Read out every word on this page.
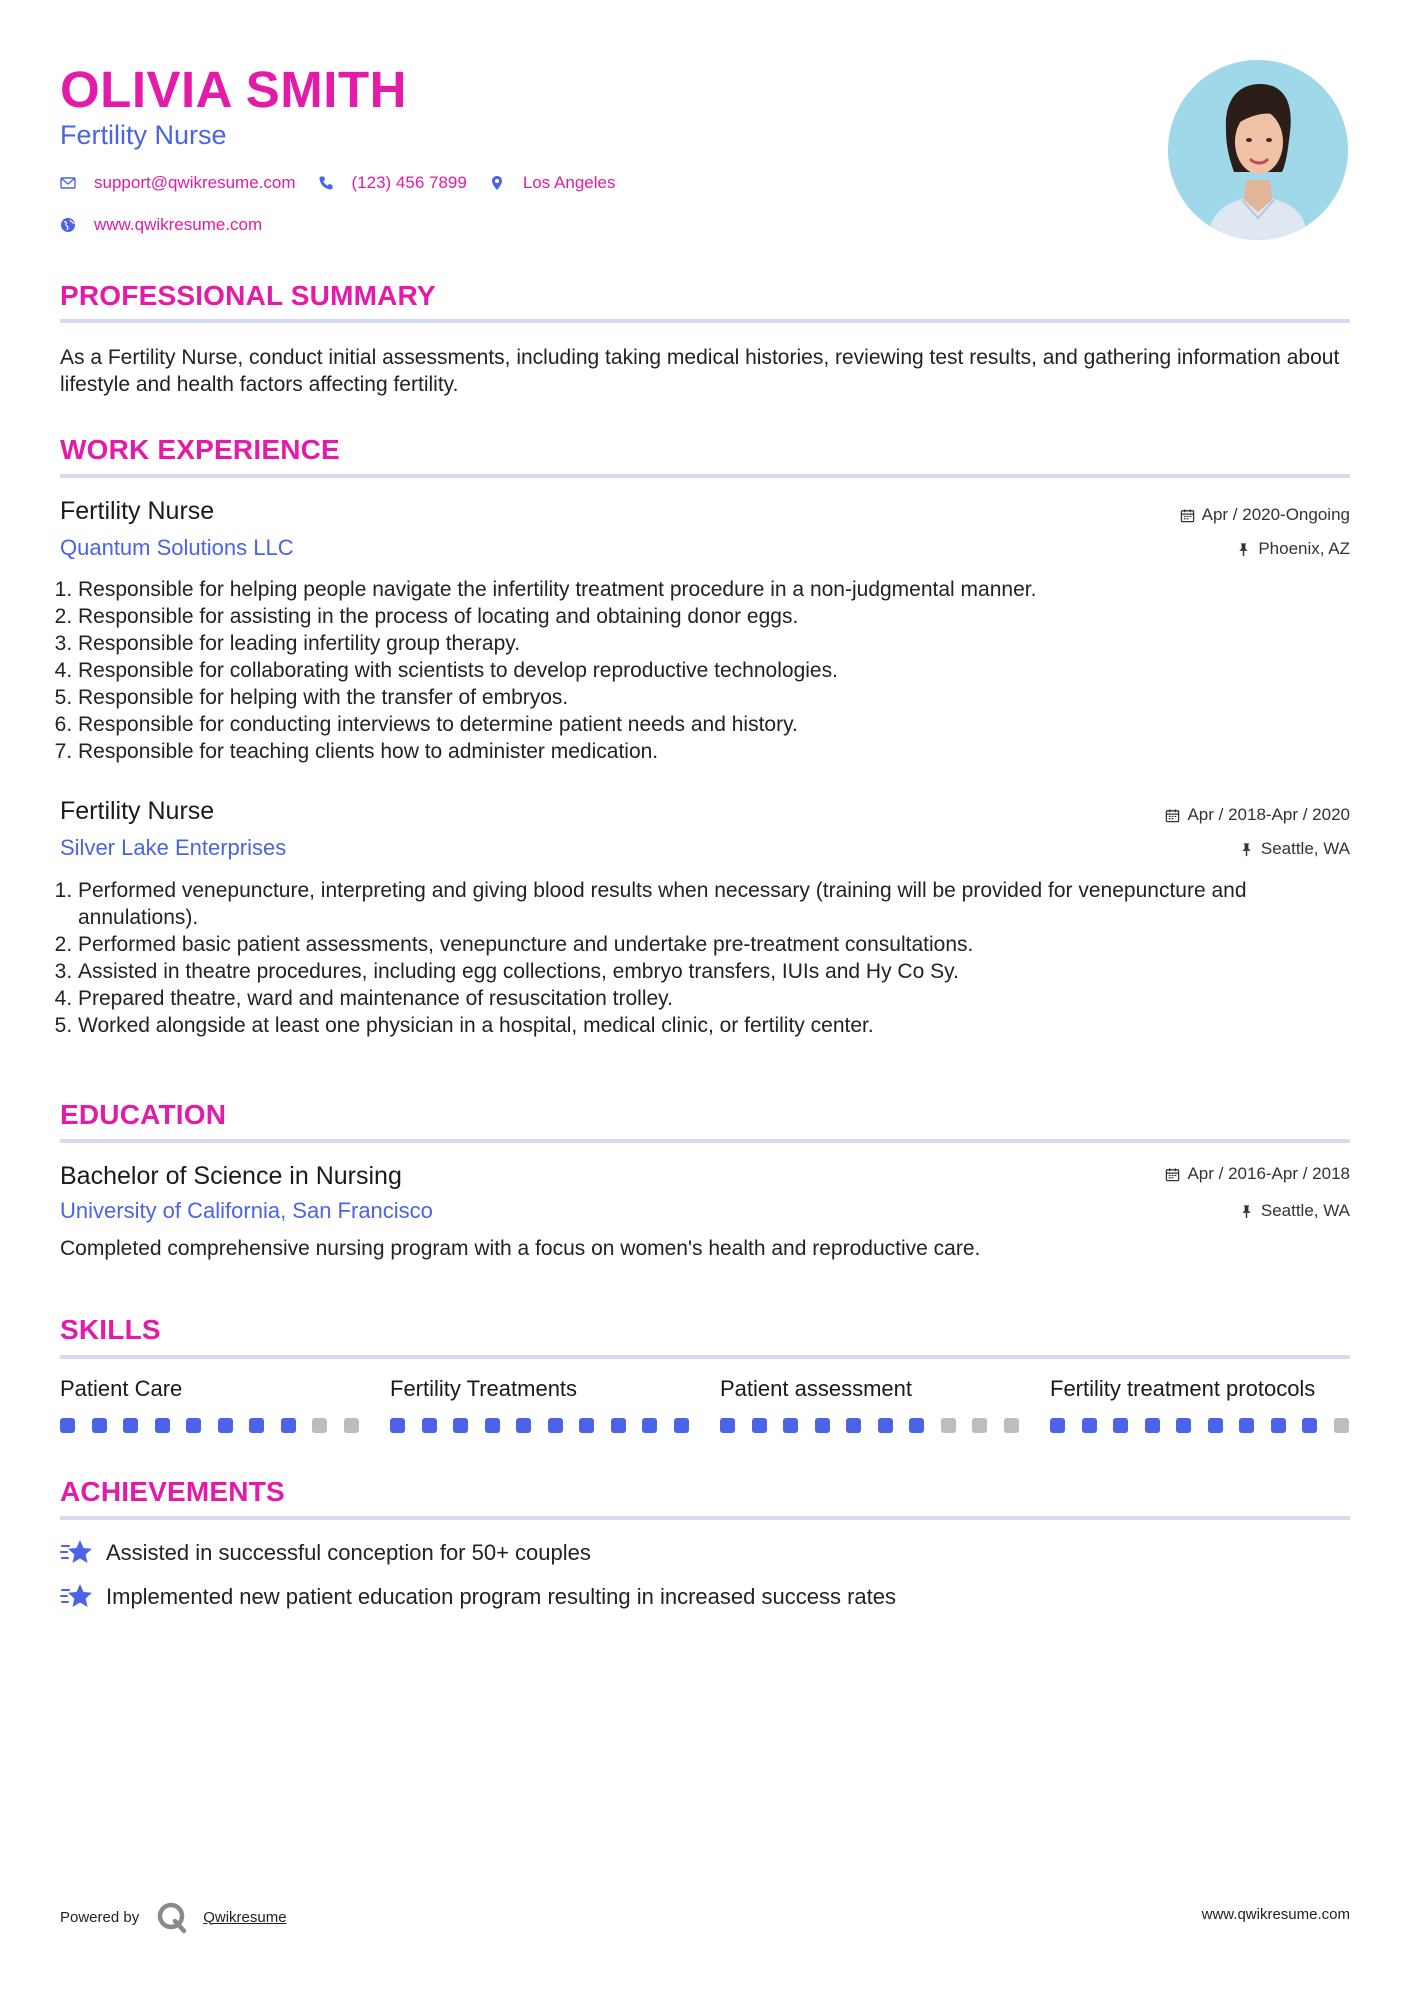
OLIVIA SMITH
Fertility Nurse
support@qwikresume.com	(123) 456 7899	Los Angeles
www.qwikresume.com
PROFESSIONAL SUMMARY
As a Fertility Nurse, conduct initial assessments, including taking medical histories, reviewing test results, and gathering information about lifestyle and health factors affecting fertility.
WORK EXPERIENCE
Fertility Nurse	Apr / 2020-Ongoing
Quantum Solutions LLC	Phoenix, AZ
1. Responsible for helping people navigate the infertility treatment procedure in a non-judgmental manner.
2. Responsible for assisting in the process of locating and obtaining donor eggs.
3. Responsible for leading infertility group therapy.
4. Responsible for collaborating with scientists to develop reproductive technologies.
5. Responsible for helping with the transfer of embryos.
6. Responsible for conducting interviews to determine patient needs and history.
7. Responsible for teaching clients how to administer medication.
Fertility Nurse	Apr / 2018-Apr / 2020
Silver Lake Enterprises	Seattle, WA
1. Performed venepuncture, interpreting and giving blood results when necessary (training will be provided for venepuncture and annulations).
2. Performed basic patient assessments, venepuncture and undertake pre-treatment consultations.
3. Assisted in theatre procedures, including egg collections, embryo transfers, IUIs and Hy Co Sy.
4. Prepared theatre, ward and maintenance of resuscitation trolley.
5. Worked alongside at least one physician in a hospital, medical clinic, or fertility center.
EDUCATION
Bachelor of Science in Nursing	Apr / 2016-Apr / 2018
University of California, San Francisco	Seattle, WA
Completed comprehensive nursing program with a focus on women's health and reproductive care.
SKILLS
Patient Care	Fertility Treatments	Patient assessment	Fertility treatment protocols
ACHIEVEMENTS
Assisted in successful conception for 50+ couples
Implemented new patient education program resulting in increased success rates
Powered by	Qwikresume	www.qwikresume.com
